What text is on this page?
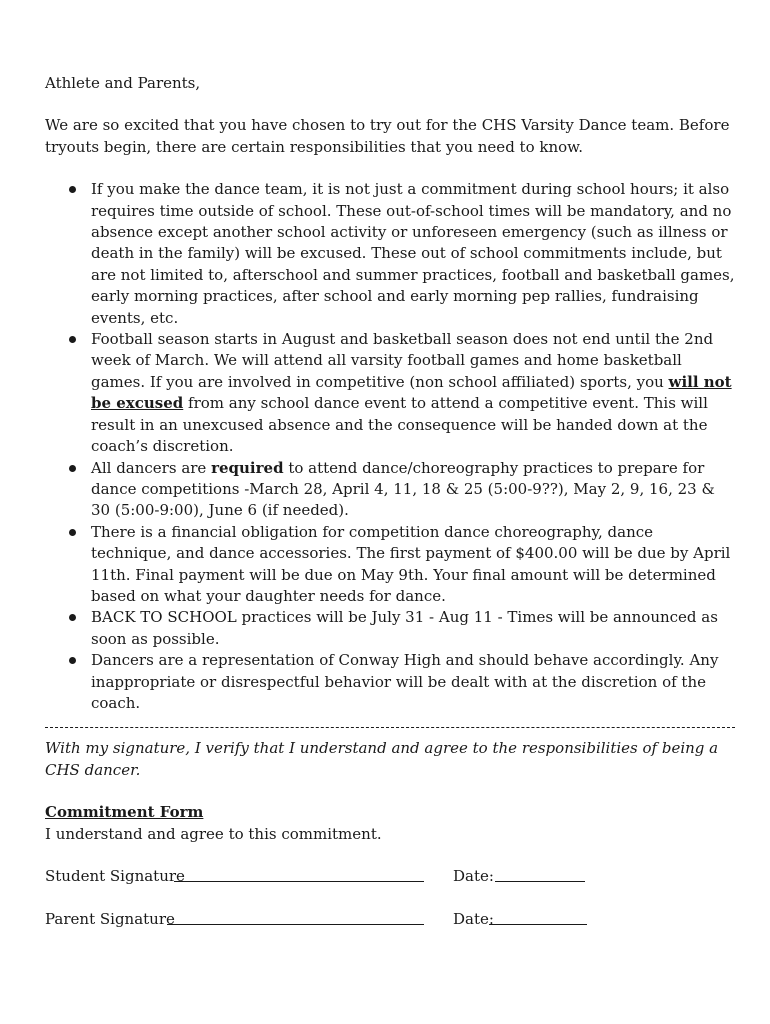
Athlete and Parents,

We are so excited that you have chosen to try out for the CHS Varsity Dance team. Before tryouts begin, there are certain responsibilities that you need to know.

If you make the dance team, it is not just a commitment during school hours; it also requires time outside of school. These out-of-school times will be mandatory, and no absence except another school activity or unforeseen emergency (such as illness or death in the family) will be excused. These out of school commitments include, but are not limited to, afterschool and summer practices, football and basketball games, early morning practices, after school and early morning pep rallies, fundraising events, etc.
Football season starts in August and basketball season does not end until the 2nd week of March. We will attend all varsity football games and home basketball games. If you are involved in competitive (non school affiliated) sports, you will not be excused from any school dance event to attend a competitive event. This will result in an unexcused absence and the consequence will be handed down at the coach’s discretion.
All dancers are required to attend dance/choreography practices to prepare for dance competitions -March 28, April 4, 11, 18 & 25 (5:00-9??), May 2, 9, 16, 23 & 30 (5:00-9:00), June 6 (if needed).
There is a financial obligation for competition dance choreography, dance technique, and dance accessories. The first payment of $400.00 will be due by April 11th. Final payment will be due on May 9th. Your final amount will be determined based on what your daughter needs for dance.
BACK TO SCHOOL practices will be July 31 - Aug 11 - Times will be announced as soon as possible.
Dancers are a representation of Conway High and should behave accordingly. Any inappropriate or disrespectful behavior will be dealt with at the discretion of the coach.

With my signature, I verify that I understand and agree to the responsibilities of being a CHS dancer.

Commitment Form

I understand and agree to this commitment.

Student Signature	Date:
Parent Signature	Date:
